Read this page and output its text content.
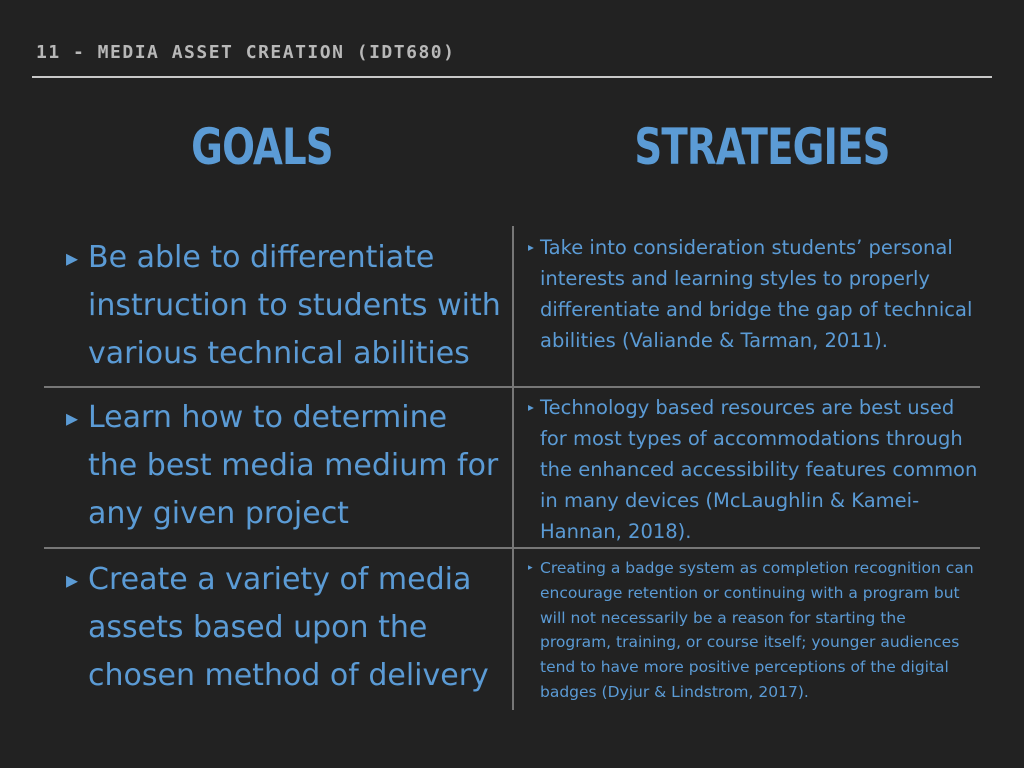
11 - MEDIA ASSET CREATION (IDT680)
GOALS	STRATEGIES
▸ Be able to differentiate instruction to students with various technical abilities
▸ Take into consideration students’ personal interests and learning styles to properly differentiate and bridge the gap of technical abilities (Valiande & Tarman, 2011).
▸ Learn how to determine the best media medium for any given project
▸ Technology based resources are best used for most types of accommodations through the enhanced accessibility features common in many devices (McLaughlin & Kamei-Hannan, 2018).
▸ Create a variety of media assets based upon the chosen method of delivery
▸ Creating a badge system as completion recognition can encourage retention or continuing with a program but will not necessarily be a reason for starting the program, training, or course itself; younger audiences tend to have more positive perceptions of the digital badges (Dyjur & Lindstrom, 2017).
